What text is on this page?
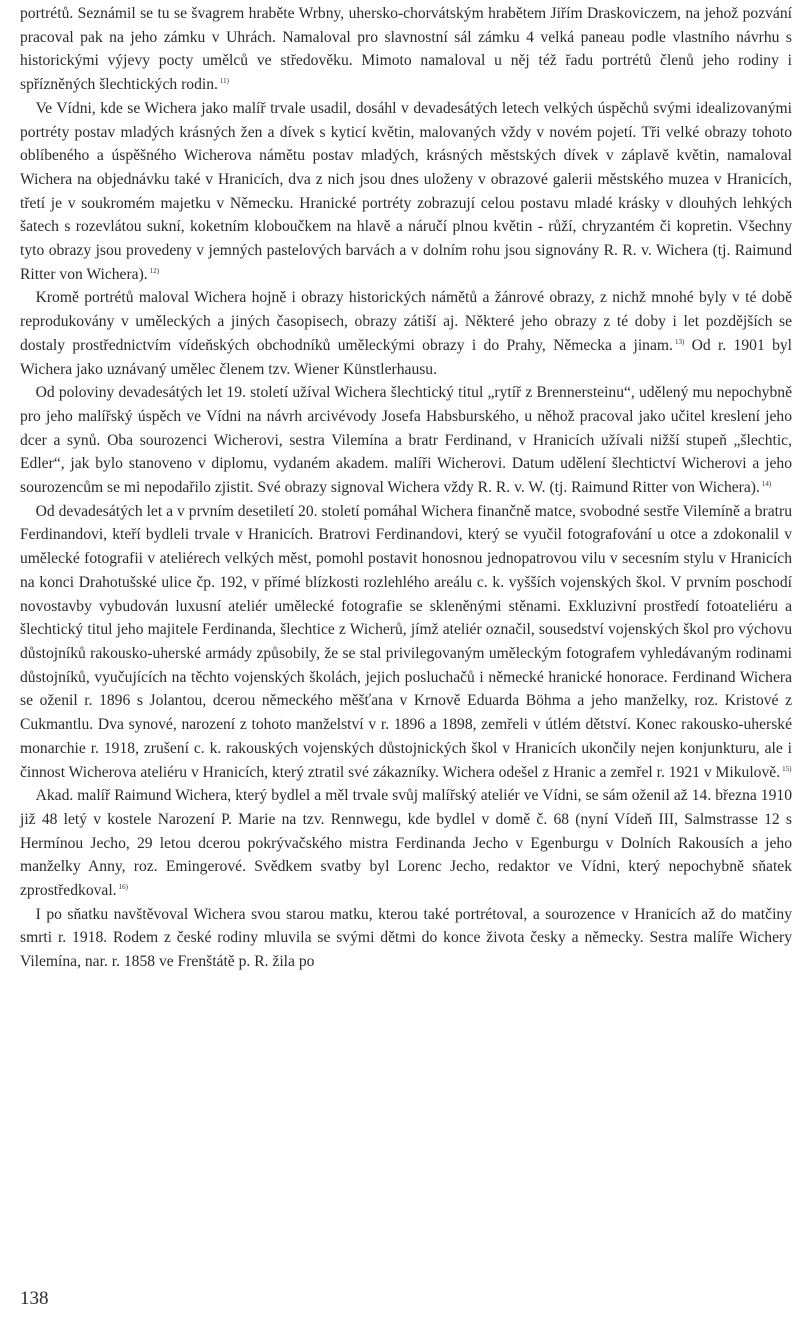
portrétů. Seznámil se tu se švagrem hraběte Wrbny, uhersko-chorvátským hrabětem Jiřím Draskoviczem, na jehož pozvání pracoval pak na jeho zámku v Uhrách. Namaloval pro slavnostní sál zámku 4 velká paneau podle vlastního návrhu s historickými výjevy pocty umělců ve středověku. Mimoto namaloval u něj též řadu portrétů členů jeho rodiny i spřízněných šlechtických rodin. $^{11)}$

 Ve Vídni, kde se Wichera jako malíř trvale usadil, dosáhl v devadesátých letech velkých úspěchů svými idealizovanými portréty postav mladých krásných žen a dívek s kyticí květin, malovaných vždy v novém pojetí. Tři velké obrazy tohoto oblíbeného a úspěšného Wicherova námětu postav mladých, krásných městských dívek v záplavě květin, namaloval Wichera na objednávku také v Hranicích, dva z nich jsou dnes uloženy v obrazové galerii městského muzea v Hranicích, třetí je v soukromém majetku v Německu. Hranické portréty zobrazují celou postavu mladé krásky v dlouhých lehkých šatech s rozevlátou sukní, koketním kloboučkem na hlavě a náručí plnou květin - růží, chryzantém či kopretin. Všechny tyto obrazy jsou provedeny v jemných pastelových barvách a v dolním rohu jsou signovány R. R. v. Wichera (tj. Raimund Ritter von Wichera). $^{12)}$

 Kromě portrétů maloval Wichera hojně i obrazy historických námětů a žánrové obrazy, z nichž mnohé byly v té době reprodukovány v uměleckých a jiných časopisech, obrazy zátiší aj. Některé jeho obrazy z té doby i let pozdějších se dostaly prostřednictvím vídeňských obchodníků uměleckými obrazy i do Prahy, Německa a jinam. $^{13)}$ Od r. 1901 byl Wichera jako uznávaný umělec členem tzv. Wiener Künstlerhausu.

 Od poloviny devadesátých let 19. století užíval Wichera šlechtický titul „rytíř z Brennersteinu“, udělený mu nepochybně pro jeho malířský úspěch ve Vídni na návrh arcivévody Josefa Habsburského, u něhož pracoval jako učitel kreslení jeho dcer a synů. Oba sourozenci Wicherovi, sestra Vilemína a bratr Ferdinand, v Hranicích užívali nižší stupeň „šlechtic, Edler“, jak bylo stanoveno v diplomu, vydaném akadem. malíři Wicherovi. Datum udělení šlechtictví Wicherovi a jeho sourozencům se mi nepodařilo zjistit. Své obrazy signoval Wichera vždy R. R. v. W. (tj. Raimund Ritter von Wichera). $^{14)}$

 Od devadesátých let a v prvním desetiletí 20. století pomáhal Wichera finančně matce, svobodné sestře Vilemíně a bratru Ferdinandovi, kteří bydleli trvale v Hranicích. Bratrovi Ferdinandovi, který se vyučil fotografování u otce a zdokonalil v umělecké fotografii v ateliérech velkých měst, pomohl postavit honosnou jednopatrovou vilu v secesním stylu v Hranicích na konci Drahotušské ulice čp. 192, v přímé blízkosti rozlehlého areálu c. k. vyšších vojenských škol. V prvním poschodí novostavby vybudován luxusní ateliér umělecké fotografie se skleněnými stěnami. Exkluzivní prostředí fotoateliéru a šlechtický titul jeho majitele Ferdinanda, šlechtice z Wicherů, jímž ateliér označil, sousedství vojenských škol pro výchovu důstojníků rakousko-uherské armády způsobily, že se stal privilegovaným uměleckým fotografem vyhledávaným rodinami důstojníků, vyučujících na těchto vojenských školách, jejich posluchačů i německé hranické honorace. Ferdinand Wichera se oženil r. 1896 s Jolantou, dcerou německého měšťana v Krnově Eduarda Böhma a jeho manželky, roz. Kristové z Cukmantlu. Dva synové, narození z tohoto manželství v r. 1896 a 1898, zemřeli v útlém dětství. Konec rakousko-uherské monarchie r. 1918, zrušení c. k. rakouských vojenských důstojnických škol v Hranicích ukončily nejen konjunkturu, ale i činnost Wicherova ateliéru v Hranicích, který ztratil své zákazníky. Wichera odešel z Hranic a zemřel r. 1921 v Mikulově. $^{15)}$

 Akad. malíř Raimund Wichera, který bydlel a měl trvale svůj malířský ateliér ve Vídni, se sám oženil až 14. března 1910 již 48 letý v kostele Narození P. Marie na tzv. Rennwegu, kde bydlel v domě č. 68 (nyní Vídeň III, Salmstrasse 12 s Hermínou Jecho, 29 letou dcerou pokrývačského mistra Ferdinanda Jecho v Egenburgu v Dolních Rakousích a jeho manželky Anny, roz. Emingerové. Svědkem svatby byl Lorenc Jecho, redaktor ve Vídni, který nepochybně sňatek zprostředkoval. $^{16)}$

 I po sňatku navštěvoval Wichera svou starou matku, kterou také portrétoval, a sourozence v Hranicích až do matčiny smrti r. 1918. Rodem z české rodiny mluvila se svými dětmi do konce života česky a německy. Sestra malíře Wichery Vilemína, nar. r. 1858 ve Frenštátě p. R. žila po

138
